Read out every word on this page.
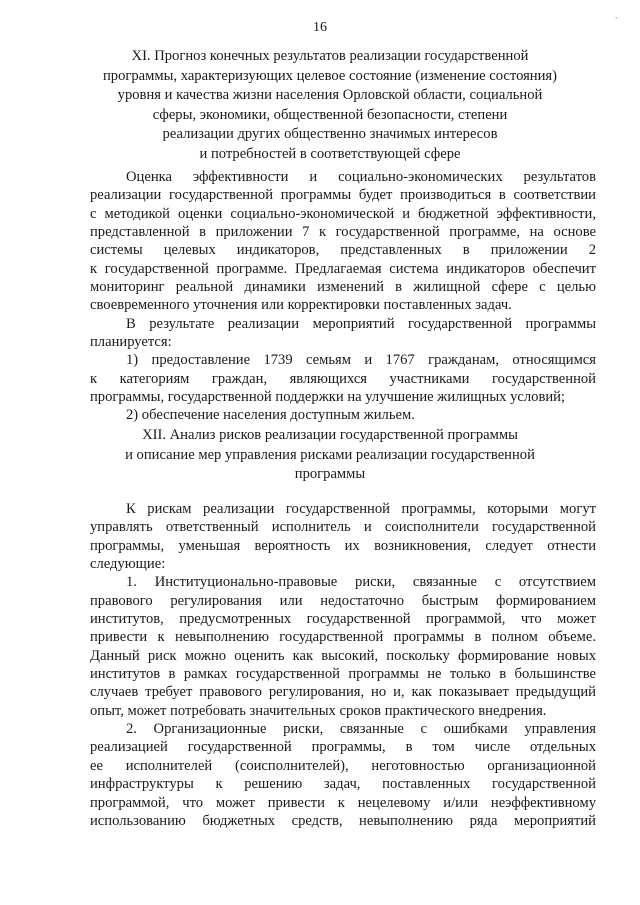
16
XI. Прогноз конечных результатов реализации государственной
программы, характеризующих целевое состояние (изменение состояния)
уровня и качества жизни населения Орловской области, социальной
сферы, экономики, общественной безопасности, степени
реализации других общественно значимых интересов
и потребностей в соответствующей сфере
Оценка эффективности и социально-экономических результатов
реализации государственной программы будет производиться в соответствии
с методикой оценки социально-экономической и бюджетной эффективности,
представленной в приложении 7 к государственной программе, на основе
системы целевых индикаторов, представленных в приложении 2
к государственной программе. Предлагаемая система индикаторов обеспечит
мониторинг реальной динамики изменений в жилищной сфере с целью
своевременного уточнения или корректировки поставленных задач.
В результате реализации мероприятий государственной программы
планируется:
1) предоставление 1739 семьям и 1767 гражданам, относящимся
к категориям граждан, являющихся участниками государственной
программы, государственной поддержки на улучшение жилищных условий;
2) обеспечение населения доступным жильем.
XII. Анализ рисков реализации государственной программы
и описание мер управления рисками реализации государственной
программы
К рискам реализации государственной программы, которыми могут
управлять ответственный исполнитель и соисполнители государственной
программы, уменьшая вероятность их возникновения, следует отнести
следующие:
1. Институционально-правовые риски, связанные с отсутствием
правового регулирования или недостаточно быстрым формированием
институтов, предусмотренных государственной программой, что может
привести к невыполнению государственной программы в полном объеме.
Данный риск можно оценить как высокий, поскольку формирование новых
институтов в рамках государственной программы не только в большинстве
случаев требует правового регулирования, но и, как показывает предыдущий
опыт, может потребовать значительных сроков практического внедрения.
2. Организационные риски, связанные с ошибками управления
реализацией государственной программы, в том числе отдельных
ее исполнителей (соисполнителей), неготовностью организационной
инфраструктуры к решению задач, поставленных государственной
программой, что может привести к нецелевому и/или неэффективному
использованию бюджетных средств, невыполнению ряда мероприятий
ˎ
